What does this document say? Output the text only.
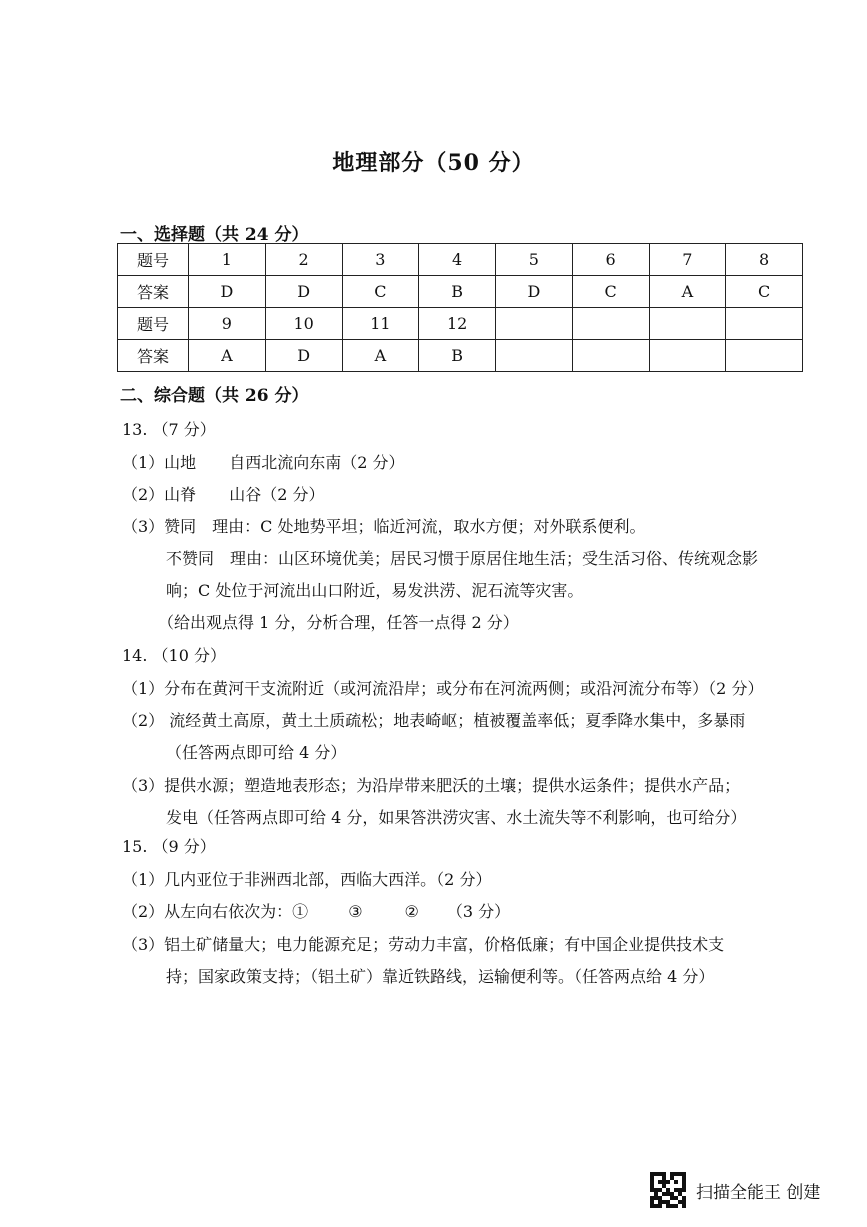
地理部分（50 分）
一、选择题（共 24 分）
题号	1	2	3	4	5	6	7	8
答案	D	D	C	B	D	C	A	C
题号	9	10	11	12				
答案	A	D	A	B				
二、综合题（共 26 分）
13. （7 分）
（1）山地 自西北流向东南（2 分）
（2）山脊 山谷（2 分）
（3）赞同　理由：C 处地势平坦；临近河流，取水方便；对外联系便利。
不赞同　理由：山区环境优美；居民习惯于原居住地生活；受生活习俗、传统观念影
响；C 处位于河流出山口附近，易发洪涝、泥石流等灾害。
（给出观点得 1 分，分析合理，任答一点得 2 分）
14. （10 分）
（1）分布在黄河干支流附近（或河流沿岸；或分布在河流两侧；或沿河流分布等）（2 分）
（2） 流经黄土高原，黄土土质疏松；地表崎岖；植被覆盖率低；夏季降水集中，多暴雨
（任答两点即可给 4 分）
（3）提供水源；塑造地表形态；为沿岸带来肥沃的土壤；提供水运条件；提供水产品；
发电（任答两点即可给 4 分，如果答洪涝灾害、水土流失等不利影响，也可给分）
15. （9 分）
（1）几内亚位于非洲西北部，西临大西洋。（2 分）
（2）从左向右依次为：①	③	② （3 分）
（3）铝土矿储量大；电力能源充足；劳动力丰富，价格低廉；有中国企业提供技术支
持；国家政策支持；（铝土矿）靠近铁路线，运输便利等。（任答两点给 4 分）
扫描全能王 创建
